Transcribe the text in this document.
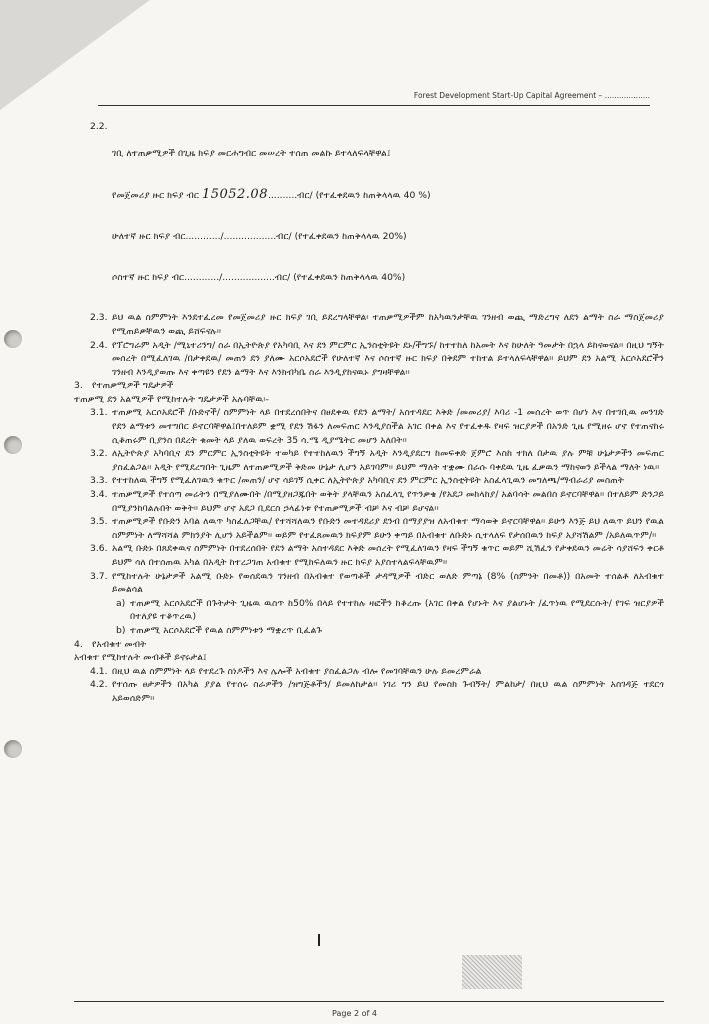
Forest Development Start-Up Capital Agreement – ...................
2.2.

ገቢ ለተጠቃሚዎች በጊዜ ክፍያ መርሐግብር መሠረት ተሰጠ መልኩ ይተላለፍላቸዋል፤

የመጀመሪያ ዙር ክፍያ ብር 15052.08..........ብር/ (የተፈቀደዉን ከጠቅላላዉ 40 %)

ሁለተኛ ዙር ክፍያ ብር............/..................ብር/ (የተፈቀደዉን ከጠቅላላዉ 20%)

ሶስተኛ ዙር ክፍያ ብር............/..................ብር/ (የተፈቀደዉን ከጠቅላላዉ 40%)

2.3. ይህ ዉል ስምምነት እንደተፈረመ የመጀመሪያ ዙር ክፍያ ገቢ ይደረግላቸዋል፡ ተጠቃሚዎችም ከአካዉንታቸዉ ገንዘብ ወጪ ማድረግና ለደን ልማት ስራ ማስጀመሪያ የሚጠይቃቸዉን ወጪ ይሸፍናሉ፡፡
2.4. የፕሮግራም አዲት /ሚኒተሪንግ/ ስራ በኢትዮጵያ የአካባቢ እና ደን ምርምር ኢንስቲትዩት ደኑ/ችግኙ/ ከተተከለ ከአመት እና ከሁለት ዓመታት በኋላ ይከናወናል፡፡ በዚህ ግኝት መሰረት በሚፈለገዉ /በታቀደዉ/ መጠን ደን ያለሙ አርሶአደሮች የሁለተኛ እና ሶስተኛ ዙር ክፍያ በቅደም ተከተል ይተላለፍላቸዋል፡፡ ይህም ደን አልሚ አርሶአደሮችን ገንዘብ እንዲያወጡ እና ቀጣዩን የደን ልማት እና እንክብካቤ ስራ እንዲያከናዉኑ ያግዛቸዋል፡፡
3.	የተጠቃሚዎች ግዴታዎች
ተጠቃሚ ደን አልሚዎች የሚከተሉት ግዴታዎች አሉባቸዉ፡-
3.1. ተጠቃሚ አርሶአደሮች /ቡድኖች/ ስምምነት ላይ በተደረሰበትና በፀደቀዉ የደን ልማት/ አስተዳደር እቅድ /መመሪያ/ እባሪ -1 መሰረት ወጥ በሆነ እና በተገቢዉ መንገድ የደን ልማቱን መተግበር ይኖርባቸዋል፤በተለይም ቋሚ የደን ሽፋን ለመፍጠር እንዲያስችል አገር በቀል እና የተፈቀዱ የዛፍ ዝርያዎች በአንድ ጊዜ የሚዘሩ ሆኖ የተጠናከሩ ሲቆጠሩም ቢያንስ በደረት ቁመት ላይ ያለዉ ወፍረት 35 ሳ.ሜ ዲያሜትር መሆን አለበት፡፡
3.2. ለኢትዮጵያ አካባቢና ደን ምርምር ኢንስቲትዩት ተወካይ የተተከለዉን ችግኝ አዲት እንዲያደርግ ከመፍቀድ ጀምሮ እስከ ተክለ በታዉ ያሉ ምቹ ሁኔታዎችን መፍጠር ያስፈልጋል፡፡ አዲት የሚደረግበት ጊዜም ለተጠቃሚዎች ቅድመ ሁኔታ ሊሆን አይገባም፡፡ ይህም ማለት ተቋሙ በራሱ ባቀደዉ ጊዜ ፈቃዉን ማከናወን ይችላል ማለት ነዉ፡፡
3.3. የተተከለዉ ችግኝ የሚፈለገዉን ቁጥር /መጠን/ ሆኖ ሳይገኝ ሲቀር ለኢትዮጵያ አካባቢና ደን ምርምር ኢንስቲትዩት አስፈላጊዉን መግለጫ/ማብራሪያ መስጠት
3.4. ተጠቃሚዎች የተሰጣ መሬትን በሚያለሙበት /በሚያዘጋጁበት ወቅት ያላቸዉን አስፈላጊ የጥንቃቄ /የአደጋ መከላከያ/ አልባሳት መልበስ ይኖርባቸዋል፡፡ በተለይም ድንጋይ በሚያንከባልሉበት ወቅት፡፡ ይህም ሆኖ አደጋ ቢደርስ ኃላፊነቱ የተጠቃሚዎች ብቻ እና ብቻ ይሆናል፡፡
3.5. ተጠቃሚዎች የቡድን አባል ለዉጥ ካስፈለጋቸዉ/ የተሻሻለዉን የቡድን መተዳደሪያ ደንብ በማያያዝ ለአብቁተ ማሳወቅ ይኖርባቸዋል፡፡ ይሁን እንጅ ይህ ለዉጥ ይህን የዉል ስምምነት ለማሻሻል ምክንያት ሊሆን አይችልም፡፡ ወይም የተፈጸመዉን ክፍያም ይሁን ቀጣይ በአብቁተ ለቡድኑ ሲተላለፍ የታሰበዉን ክፍያ አያሻሽልም /አይለዉጥም/፡፡
3.6. አልሚ ቡድኑ በጸደቀዉና ስምምነት በተደረሰበት የደን ልማት አስተዳደር እቅድ መሰረት የሚፈለገዉን የዛፍ ችግኝ ቁጥር ወይም ሺሽፈን የታቀደዉን መሬት ሳያሸፍን ቀርቶ ይህም ሳለ በተሰጠዉ አካል በአዲት ከተረጋገጠ አብቁተ የሚከፍለዉን ዙር ክፍያ አያስተላልፍላቸዉም፡፡
3.7. የሚከተሉት ሁኔታዎች አልሚ ቡድኑ የወሰደዉን ገንዘብ በአብቁተ የወጣቶች ታዳሚዎች ብድር ወለድ ምጣኔ (8% (ስምንት በመቶ)) በአመት ተሰልቶ ለአብቁተ ይመልሳል
a) ተጠቃሚ አርሶአደሮች በጉትታት ጊዜዉ ዉስጥ ከ50% በላይ የተተከሉ ዛፎችን ከቆረጡ (አገር በቀል የሆኑት እና ያልሆኑት /ፈጥነዉ የሚደርሱት/ የገፍ ዝርያዎች በተለያዩ ተቆጥረዉ)
b) ተጠቃሚ አርሶአደሮች የዉል ስምምነቱን ማቋረጥ ቢፈልጉ
4.	የአብቁተ መብት
አብቁተ የሚከተሉት መብቶች ይኖሩታል፤
4.1. በዚህ ዉል ስምምነት ላይ የተደረጉ ስነዶችን እና ሌሎች አብቁተ ያስፈልጋሉ ብሎ የመገባቸዉን ሁሉ ይመረምራል
4.2. የተሰጡ ፀታዎችን በአካል ያያል የተሰሩ ስራዎችን /ዝግጅቶችን/ ይመለከታል፡፡ ነገሪ ግን ይህ የመስክ ጉብኝት/ ምልከታ/ በዚህ ዉል ስምምነት አስገዳጅ ተደርጎ አይወሰድም፡፡
Page 2 of 4
